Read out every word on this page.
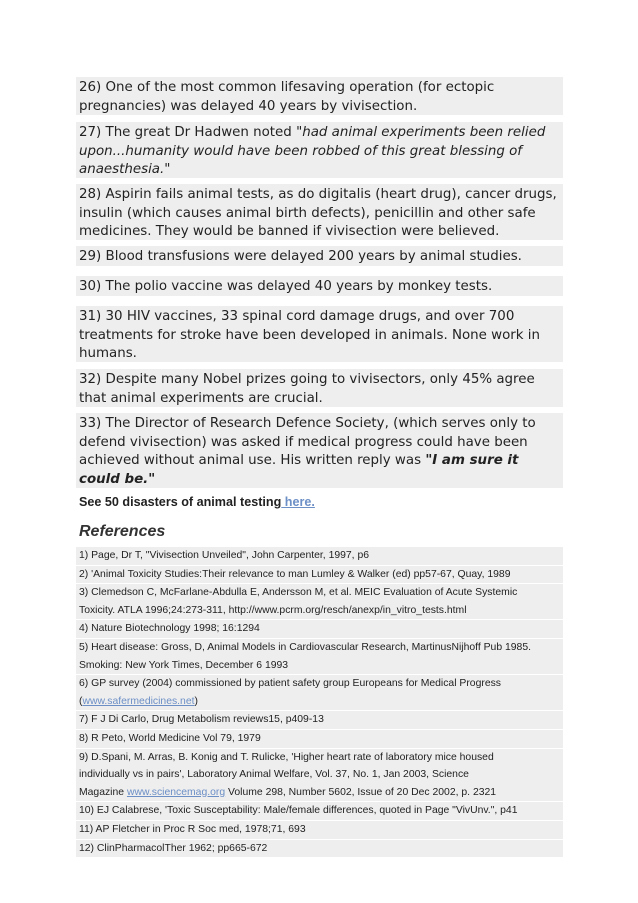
26) One of the most common lifesaving operation (for ectopic pregnancies) was delayed 40 years by vivisection.
27) The great Dr Hadwen noted "had animal experiments been relied upon...humanity would have been robbed of this great blessing of anaesthesia."
28) Aspirin fails animal tests, as do digitalis (heart drug), cancer drugs, insulin (which causes animal birth defects), penicillin and other safe medicines. They would be banned if vivisection were believed.
29) Blood transfusions were delayed 200 years by animal studies.
30) The polio vaccine was delayed 40 years by monkey tests.
31) 30 HIV vaccines, 33 spinal cord damage drugs, and over 700 treatments for stroke have been developed in animals. None work in humans.
32) Despite many Nobel prizes going to vivisectors, only 45% agree that animal experiments are crucial.
33) The Director of Research Defence Society, (which serves only to defend vivisection) was asked if medical progress could have been achieved without animal use. His written reply was "I am sure it could be."
See 50 disasters of animal testing here.
References
1) Page, Dr T, "Vivisection Unveiled", John Carpenter, 1997, p6
2) 'Animal Toxicity Studies:Their relevance to man Lumley & Walker (ed) pp57-67, Quay, 1989
3) Clemedson C, McFarlane-Abdulla E, Andersson M, et al. MEIC Evaluation of Acute Systemic
Toxicity. ATLA 1996;24:273-311, http://www.pcrm.org/resch/anexp/in_vitro_tests.html
4) Nature Biotechnology 1998; 16:1294
5) Heart disease: Gross, D, Animal Models in Cardiovascular Research, MartinusNijhoff Pub 1985.
Smoking: New York Times, December 6 1993
6) GP survey (2004) commissioned by patient safety group Europeans for Medical Progress
(www.safermedicines.net)
7) F J Di Carlo, Drug Metabolism reviews15, p409-13
8) R Peto, World Medicine Vol 79, 1979
9) D.Spani, M. Arras, B. Konig and T. Rulicke, 'Higher heart rate of laboratory mice housed
individually vs in pairs', Laboratory Animal Welfare, Vol. 37, No. 1, Jan 2003, Science
Magazine www.sciencemag.org Volume 298, Number 5602, Issue of 20 Dec 2002, p. 2321
10) EJ Calabrese, 'Toxic Susceptability: Male/female differences, quoted in Page "VivUnv.", p41
11) AP Fletcher in Proc R Soc med, 1978;71, 693
12) ClinPharmacolTher 1962; pp665-672
